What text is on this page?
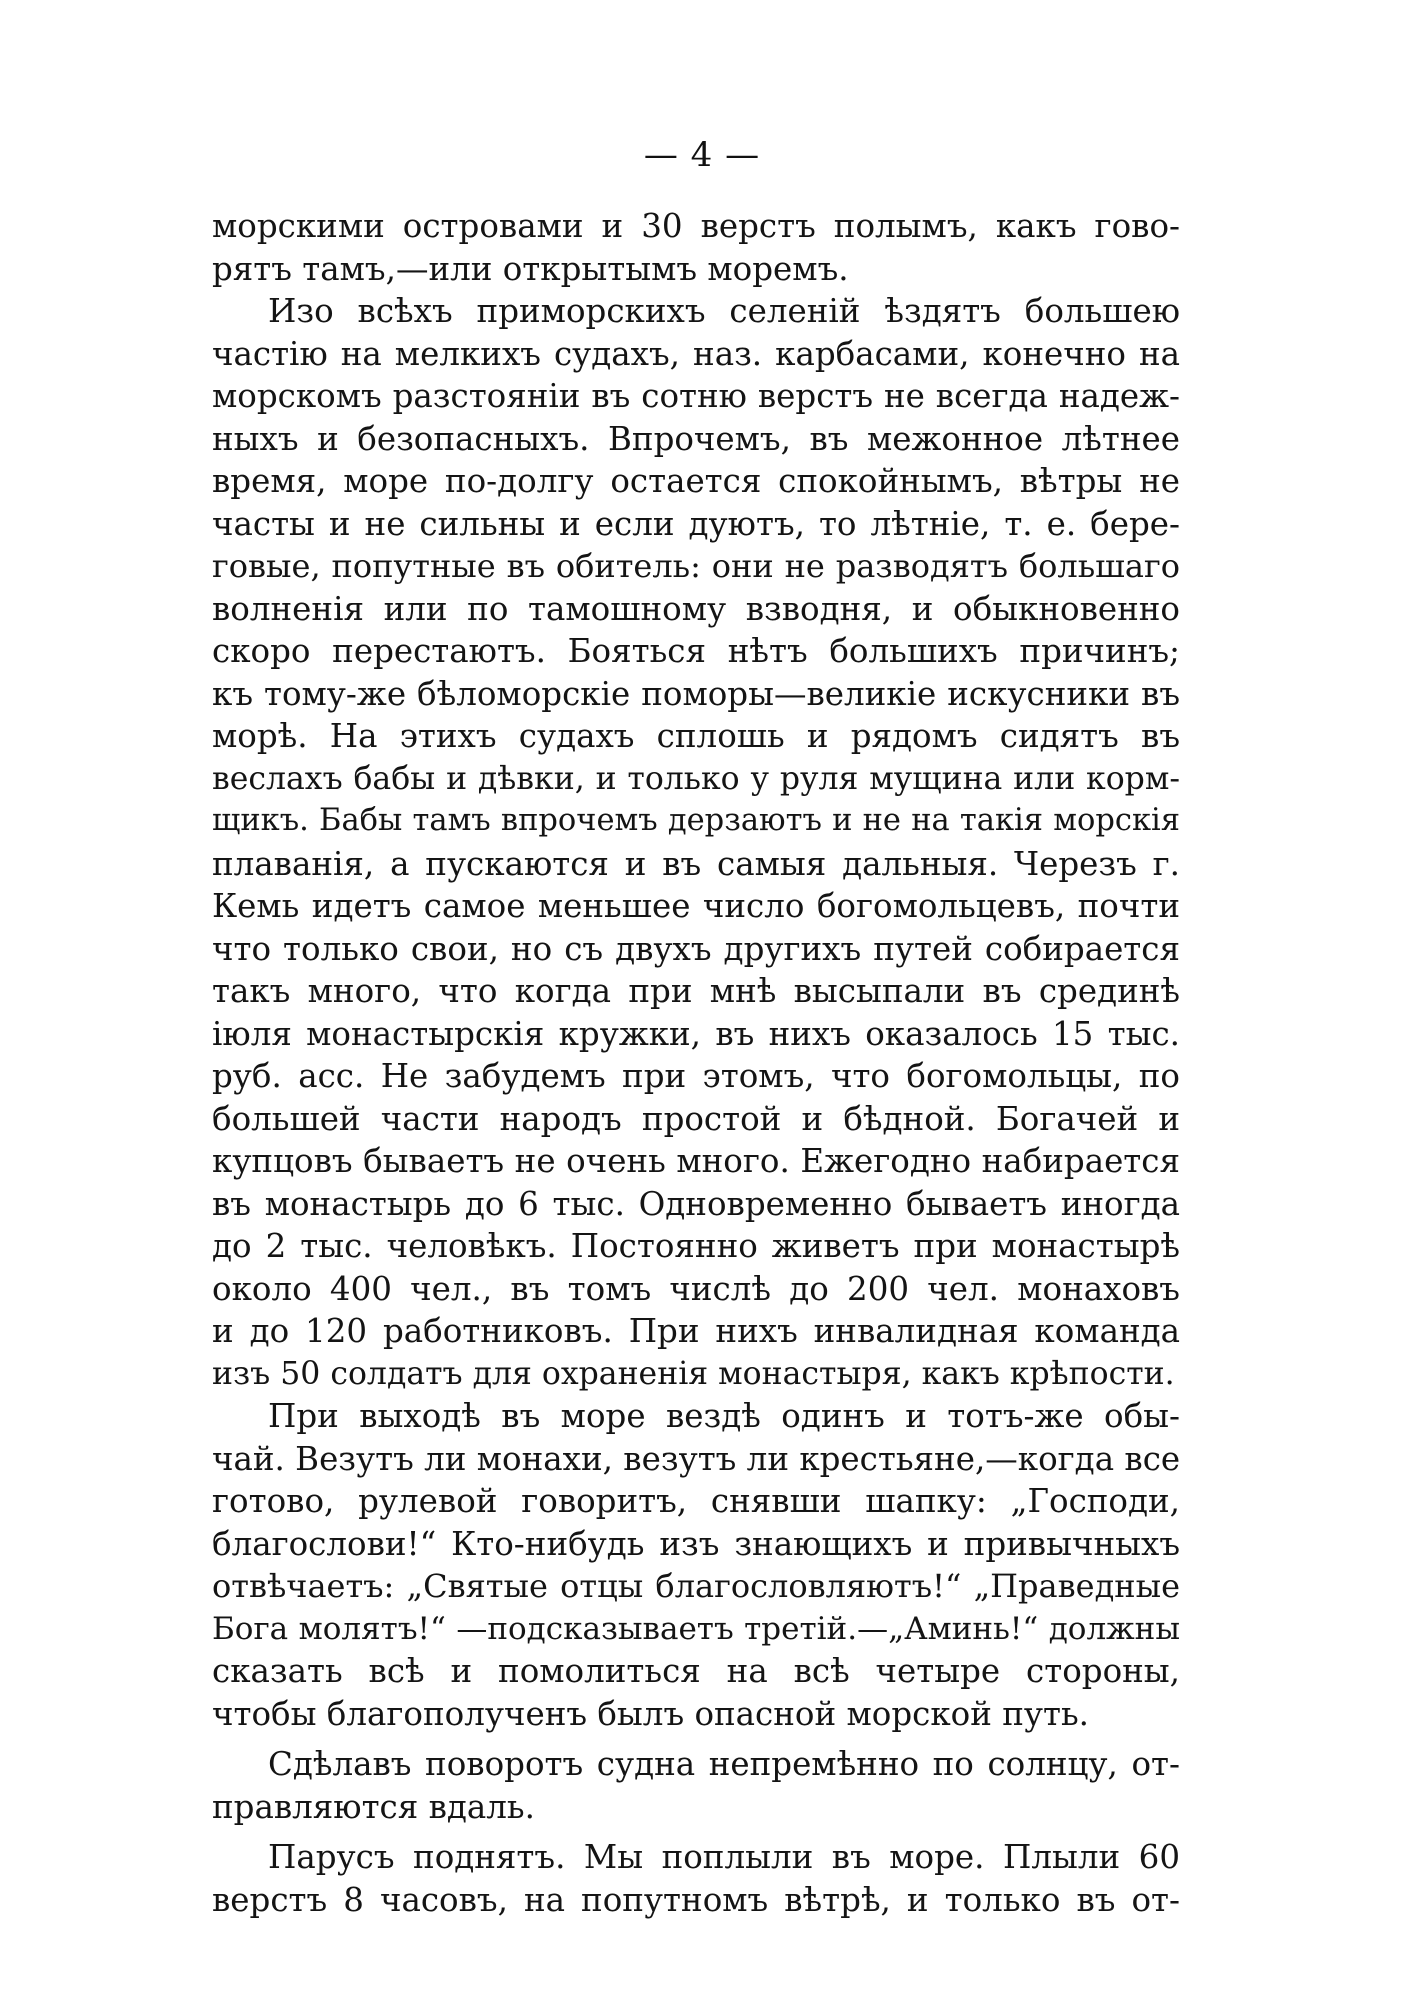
— 4 —
морскими островами и 30 верстъ полымъ, какъ гово-
рятъ тамъ,—или открытымъ моремъ.
Изо всѣхъ приморскихъ селенiй ѣздятъ большею
частiю на мелкихъ судахъ, наз. карбасами, конечно на
морскомъ разстоянiи въ сотню верстъ не всегда надеж-
ныхъ и безопасныхъ. Впрочемъ, въ межонное лѣтнее
время, море по-долгу остается спокойнымъ, вѣтры не
часты и не сильны и если дуютъ, то лѣтнiе, т. е. бере-
говые, попутные въ обитель: они не разводятъ большаго
волненiя или по тамошному взводня, и обыкновенно
скоро перестаютъ. Бояться нѣтъ большихъ причинъ;
къ тому-же бѣломорскiе поморы—великiе искусники въ
морѣ. На этихъ судахъ сплошь и рядомъ сидятъ въ
веслахъ бабы и дѣвки, и только у руля мущина или корм-
щикъ. Бабы тамъ впрочемъ дерзаютъ и не на такiя морскiя
плаванiя, а пускаются и въ самыя дальныя. Черезъ г.
Кемь идетъ самое меньшее число богомольцевъ, почти
что только свои, но съ двухъ другихъ путей собирается
такъ много, что когда при мнѣ высыпали въ срединѣ
iюля монастырскiя кружки, въ нихъ оказалось 15 тыс.
руб. асс. Не забудемъ при этомъ, что богомольцы, по
большей части народъ простой и бѣдной. Богачей и
купцовъ бываетъ не очень много. Ежегодно набирается
въ монастырь до 6 тыс. Одновременно бываетъ иногда
до 2 тыс. человѣкъ. Постоянно живетъ при монастырѣ
около 400 чел., въ томъ числѣ до 200 чел. монаховъ
и до 120 работниковъ. При нихъ инвалидная команда
изъ 50 солдатъ для охраненiя монастыря, какъ крѣпости.
При выходѣ въ море вездѣ одинъ и тотъ-же обы-
чай. Везутъ ли монахи, везутъ ли крестьяне,—когда все
готово, рулевой говоритъ, снявши шапку: „Господи,
благослови!“ Кто-нибудь изъ знающихъ и привычныхъ
отвѣчаетъ: „Святые отцы благословляютъ!“ „Праведные
Бога молятъ!“ —подсказываетъ третiй.—„Аминь!“ должны
сказать всѣ и помолиться на всѣ четыре стороны,
чтобы благополученъ былъ опасной морской путь.
Сдѣлавъ поворотъ судна непремѣнно по солнцу, от-
правляются вдаль.
Парусъ поднятъ. Мы поплыли въ море. Плыли 60
верстъ 8 часовъ, на попутномъ вѣтрѣ, и только въ от-
